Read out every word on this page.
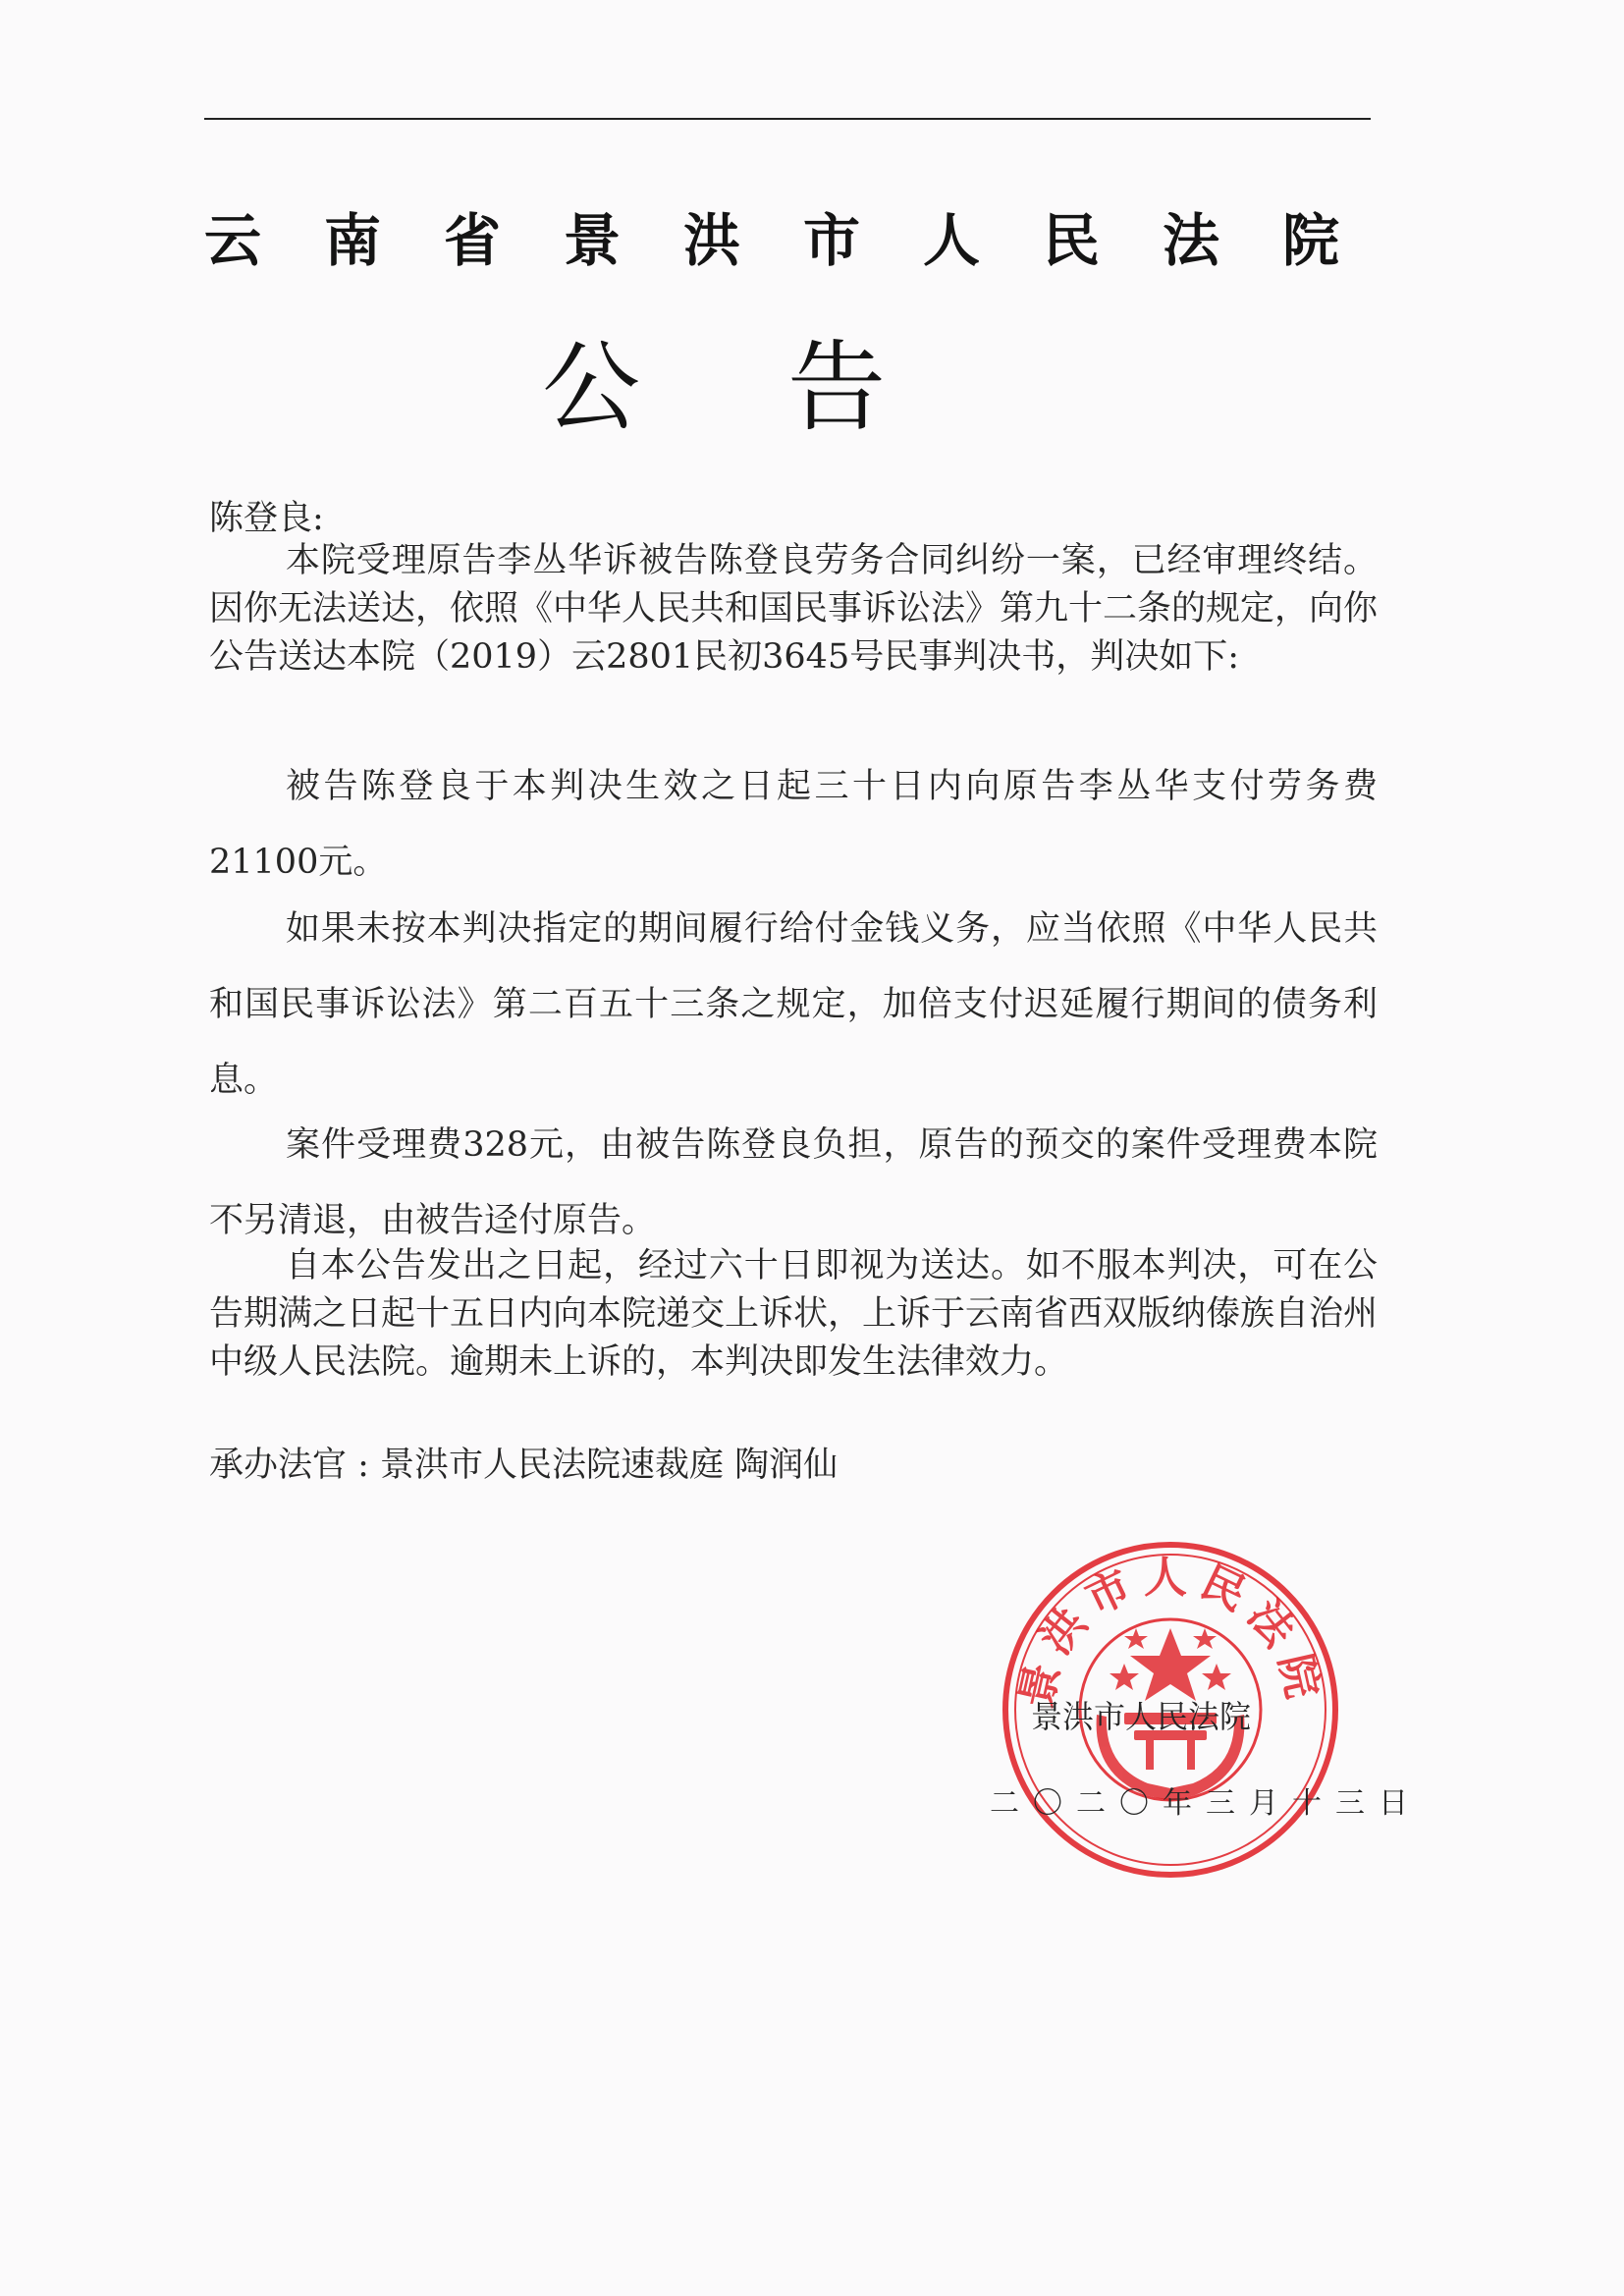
云南省景洪市人民法院
公告
陈登良:

本院受理原告李丛华诉被告陈登良劳务合同纠纷一案，已经审理终结。因你无法送达，依照《中华人民共和国民事诉讼法》第九十二条的规定，向你公告送达本院（2019）云2801民初3645号民事判决书，判决如下:

被告陈登良于本判决生效之日起三十日内向原告李丛华支付劳务费21100元。

如果未按本判决指定的期间履行给付金钱义务，应当依照《中华人民共和国民事诉讼法》第二百五十三条之规定，加倍支付迟延履行期间的债务利息。

案件受理费328元，由被告陈登良负担，原告的预交的案件受理费本院不另清退，由被告迳付原告。

自本公告发出之日起，经过六十日即视为送达。如不服本判决，可在公告期满之日起十五日内向本院递交上诉状，上诉于云南省西双版纳傣族自治州中级人民法院。逾期未上诉的，本判决即发生法律效力。

承办法官 : 景洪市人民法院速裁庭 陶润仙
景洪市人民法院
景洪市人民法院
二〇二〇年三月十三日
